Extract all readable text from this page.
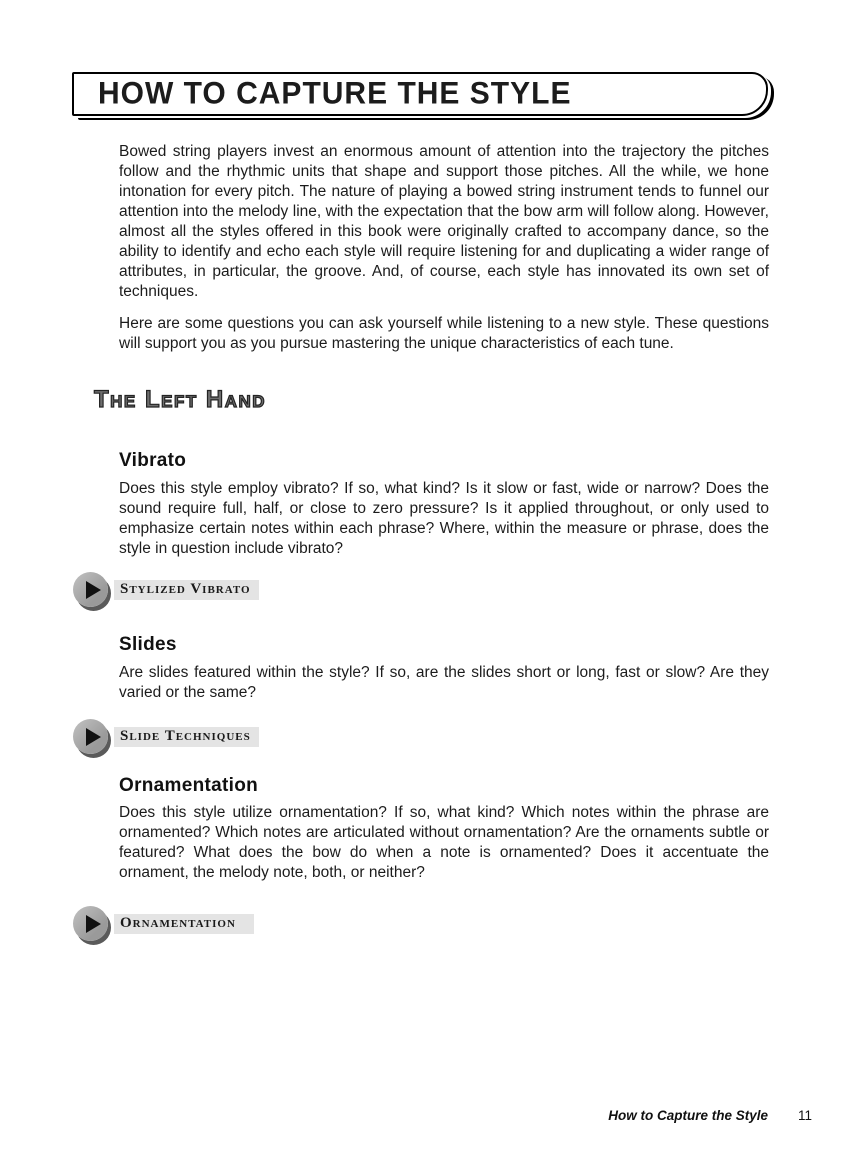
HOW TO CAPTURE THE STYLE

Bowed string players invest an enormous amount of attention into the trajectory the pitches follow and the rhythmic units that shape and support those pitches. All the while, we hone intonation for every pitch. The nature of playing a bowed string instrument tends to funnel our attention into the melody line, with the expectation that the bow arm will follow along. However, almost all the styles offered in this book were originally crafted to accompany dance, so the ability to identify and echo each style will require listening for and duplicating a wider range of attributes, in particular, the groove. And, of course, each style has innovated its own set of techniques.

Here are some questions you can ask yourself while listening to a new style. These questions will support you as you pursue mastering the unique characteristics of each tune.

The Left Hand
Vibrato

Does this style employ vibrato? If so, what kind? Is it slow or fast, wide or narrow? Does the sound require full, half, or close to zero pressure? Is it applied throughout, or only used to emphasize certain notes within each phrase? Where, within the measure or phrase, does the style in question include vibrato?

Stylized Vibrato
Slides

Are slides featured within the style? If so, are the slides short or long, fast or slow? Are they varied or the same?

Slide Techniques
Ornamentation

Does this style utilize ornamentation? If so, what kind? Which notes within the phrase are ornamented? Which notes are articulated without ornamentation? Are the ornaments subtle or featured? What does the bow do when a note is ornamented? Does it accentuate the ornament, the melody note, both, or neither?

Ornamentation
How to Capture the Style 11
